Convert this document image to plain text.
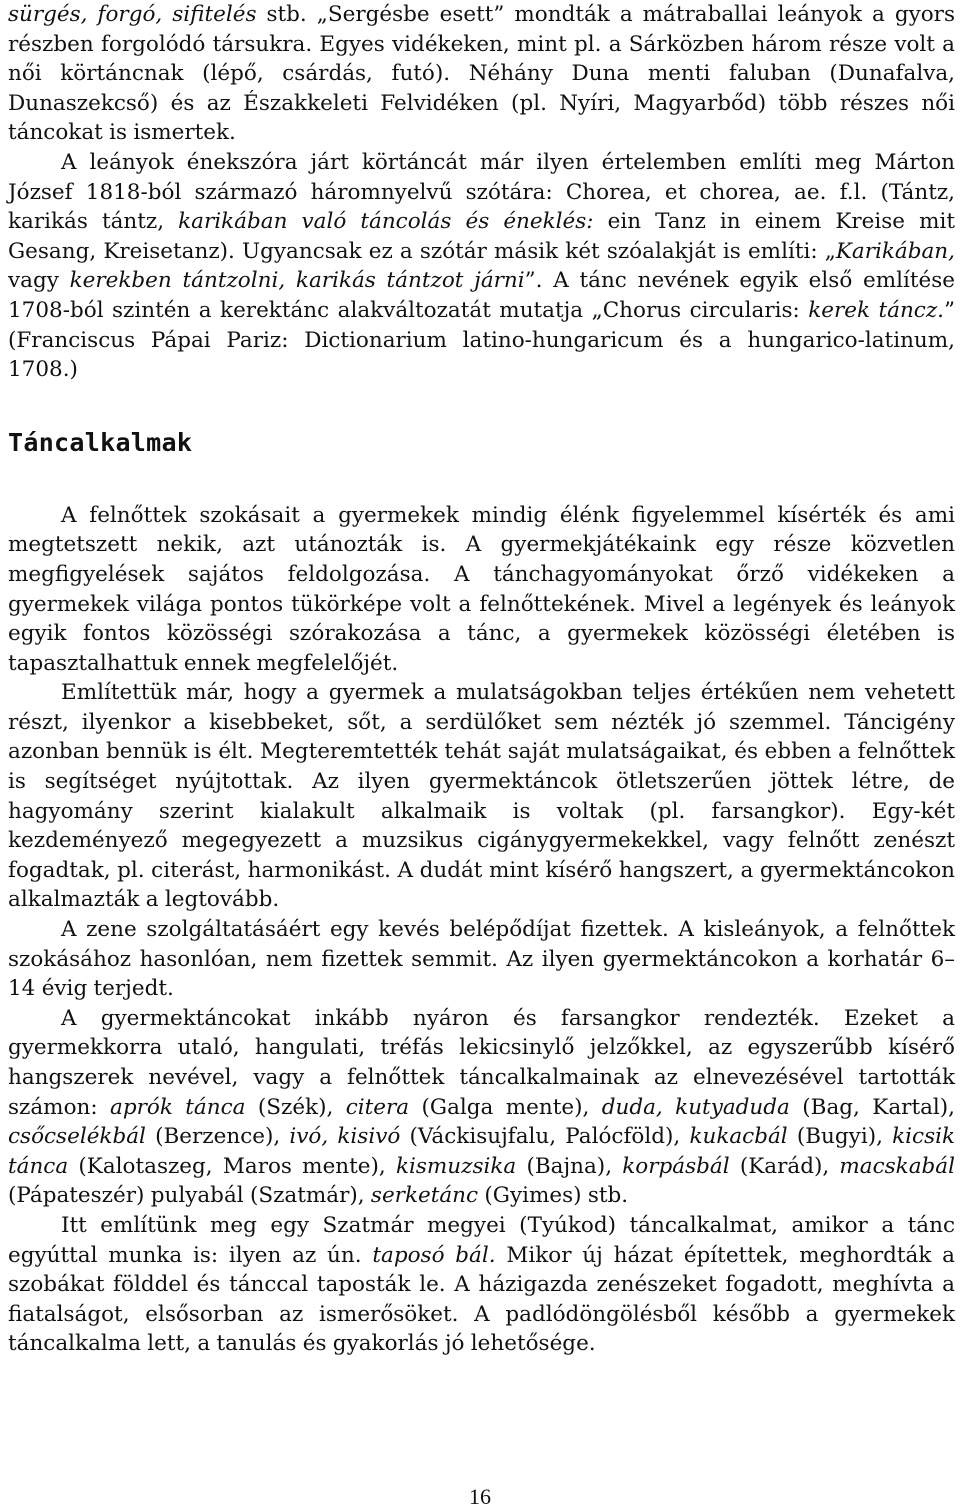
sürgés, forgó, sifitelés stb. „Sergésbe esett” mondták a mátraballai leányok a gyors részben forgolódó társukra. Egyes vidékeken, mint pl. a Sárközben három része volt a női körtáncnak (lépő, csárdás, futó). Néhány Duna menti faluban (Dunafalva, Dunaszekcső) és az Északkeleti Felvidéken (pl. Nyíri, Magyarbőd) több részes női táncokat is ismertek.

A leányok énekszóra járt körtáncát már ilyen értelemben említi meg Márton József 1818-ból származó háromnyelvű szótára: Chorea, et chorea, ae. f.l. (Tántz, karikás tántz, karikában való táncolás és éneklés: ein Tanz in einem Kreise mit Gesang, Kreisetanz). Ugyancsak ez a szótár másik két szóalakját is említi: „Karikában, vagy kerekben tántzolni, karikás tántzot járni”. A tánc nevének egyik első említése 1708-ból szintén a kerektánc alakváltozatát mutatja „Chorus circularis: kerek táncz.” (Franciscus Pápai Pariz: Dictionarium latino-hungaricum és a hungarico-latinum, 1708.)

Táncalkalmak

A felnőttek szokásait a gyermekek mindig élénk figyelemmel kísérték és ami megtetszett nekik, azt utánozták is. A gyermekjátékaink egy része közvetlen megfigyelések sajátos feldolgozása. A tánchagyományokat őrző vidékeken a gyermekek világa pontos tükörképe volt a felnőttekének. Mivel a legények és leányok egyik fontos közösségi szórakozása a tánc, a gyermekek közösségi életében is tapasztalhattuk ennek megfelelőjét.

Említettük már, hogy a gyermek a mulatságokban teljes értékűen nem vehetett részt, ilyenkor a kisebbeket, sőt, a serdülőket sem nézték jó szemmel. Táncigény azonban bennük is élt. Megteremtették tehát saját mulatságaikat, és ebben a felnőttek is segítséget nyújtottak. Az ilyen gyermektáncok ötletszerűen jöttek létre, de hagyomány szerint kialakult alkalmaik is voltak (pl. farsangkor). Egy-két kezdeményező megegyezett a muzsikus cigánygyermekekkel, vagy felnőtt zenészt fogadtak, pl. citerást, harmonikást. A dudát mint kísérő hangszert, a gyermektáncokon alkalmazták a legtovább.

A zene szolgáltatásáért egy kevés belépődíjat fizettek. A kisleányok, a felnőttek szokásához hasonlóan, nem fizettek semmit. Az ilyen gyermektáncokon a korhatár 6–14 évig terjedt.

A gyermektáncokat inkább nyáron és farsangkor rendezték. Ezeket a gyermekkorra utaló, hangulati, tréfás lekicsinylő jelzőkkel, az egyszerűbb kísérő hangszerek nevével, vagy a felnőttek táncalkalmainak az elnevezésével tartották számon: aprók tánca (Szék), citera (Galga mente), duda, kutyaduda (Bag, Kartal), csőcselékbál (Berzence), ivó, kisivó (Váckisujfalu, Palócföld), kukacbál (Bugyi), kicsik tánca (Kalotaszeg, Maros mente), kismuzsika (Bajna), korpásbál (Karád), macskabál (Pápateszér) pulyabál (Szatmár), serketánc (Gyimes) stb.

Itt említünk meg egy Szatmár megyei (Tyúkod) táncalkalmat, amikor a tánc egyúttal munka is: ilyen az ún. taposó bál. Mikor új házat építettek, meghordták a szobákat földdel és tánccal taposták le. A házigazda zenészeket fogadott, meghívta a fiatalságot, elsősorban az ismerősöket. A padlódöngölésből később a gyermekek táncalkalma lett, a tanulás és gyakorlás jó lehetősége.

16
